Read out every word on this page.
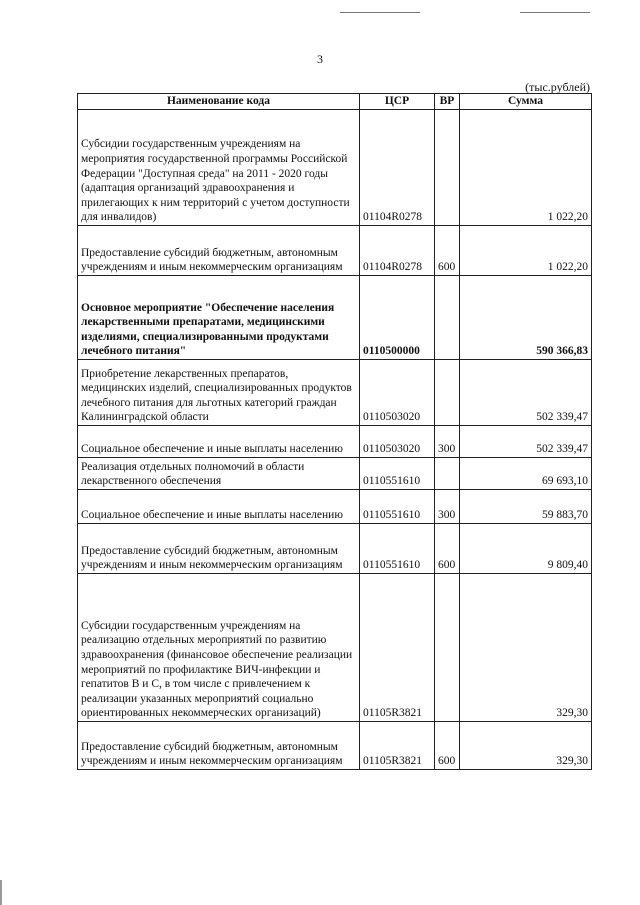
3
(тыс.рублей)
Наименование кода	ЦСР	ВР	Сумма
Субсидии государственным учреждениям на мероприятия государственной программы Российской Федерации "Доступная среда" на 2011 - 2020 годы (адаптация организаций здравоохранения и прилегающих к ним территорий с учетом доступности для инвалидов)	01104R0278		1 022,20
Предоставление субсидий бюджетным, автономным учреждениям и иным некоммерческим организациям	01104R0278	600	1 022,20
Основное мероприятие "Обеспечение населения лекарственными препаратами, медицинскими изделиями, специализированными продуктами лечебного питания"	0110500000		590 366,83
Приобретение лекарственных препаратов, медицинских изделий, специализированных продуктов лечебного питания для льготных категорий граждан Калининградской области	0110503020		502 339,47
Социальное обеспечение и иные выплаты населению	0110503020	300	502 339,47
Реализация отдельных полномочий в области лекарственного обеспечения	0110551610		69 693,10
Социальное обеспечение и иные выплаты населению	0110551610	300	59 883,70
Предоставление субсидий бюджетным, автономным учреждениям и иным некоммерческим организациям	0110551610	600	9 809,40
Субсидии государственным учреждениям на реализацию отдельных мероприятий по развитию здравоохранения (финансовое обеспечение реализации мероприятий по профилактике ВИЧ-инфекции и гепатитов В и С, в том числе с привлечением к реализации указанных мероприятий социально ориентированных некоммерческих организаций)	01105R3821		329,30
Предоставление субсидий бюджетным, автономным учреждениям и иным некоммерческим организациям	01105R3821	600	329,30
